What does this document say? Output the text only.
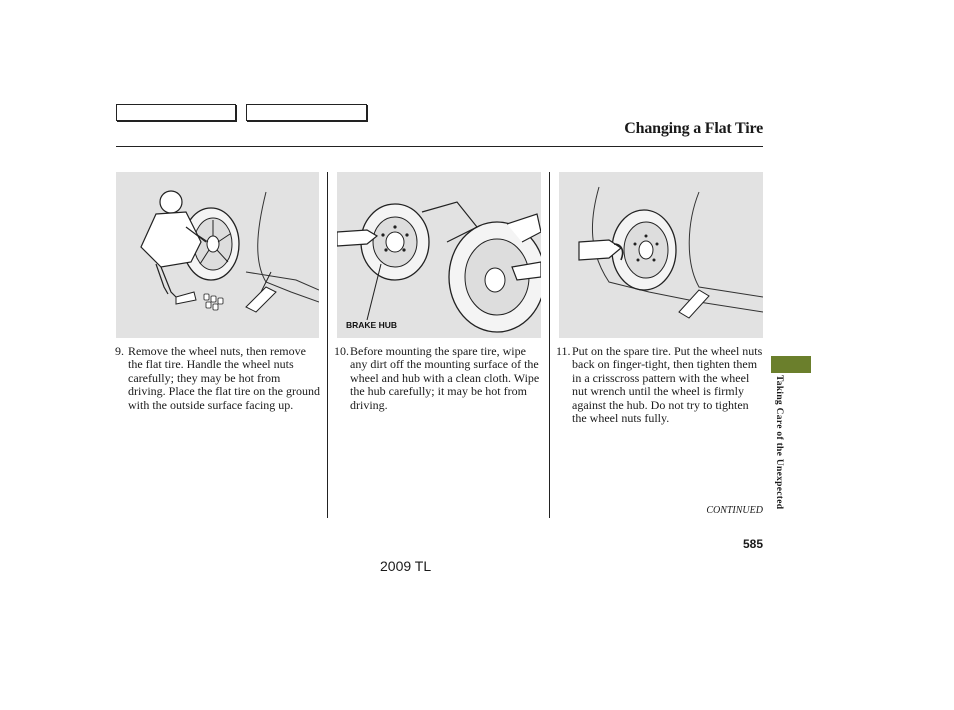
Changing a Flat Tire
BRAKE HUB
9. Remove the wheel nuts, then remove the flat tire. Handle the wheel nuts carefully; they may be hot from driving. Place the flat tire on the ground with the outside surface facing up.
10. Before mounting the spare tire, wipe any dirt off the mounting surface of the wheel and hub with a clean cloth. Wipe the hub carefully; it may be hot from driving.
11. Put on the spare tire. Put the wheel nuts back on finger-tight, then tighten them in a crisscross pattern with the wheel nut wrench until the wheel is firmly against the hub. Do not try to tighten the wheel nuts fully.
CONTINUED
585
2009 TL
Taking Care of the Unexpected
